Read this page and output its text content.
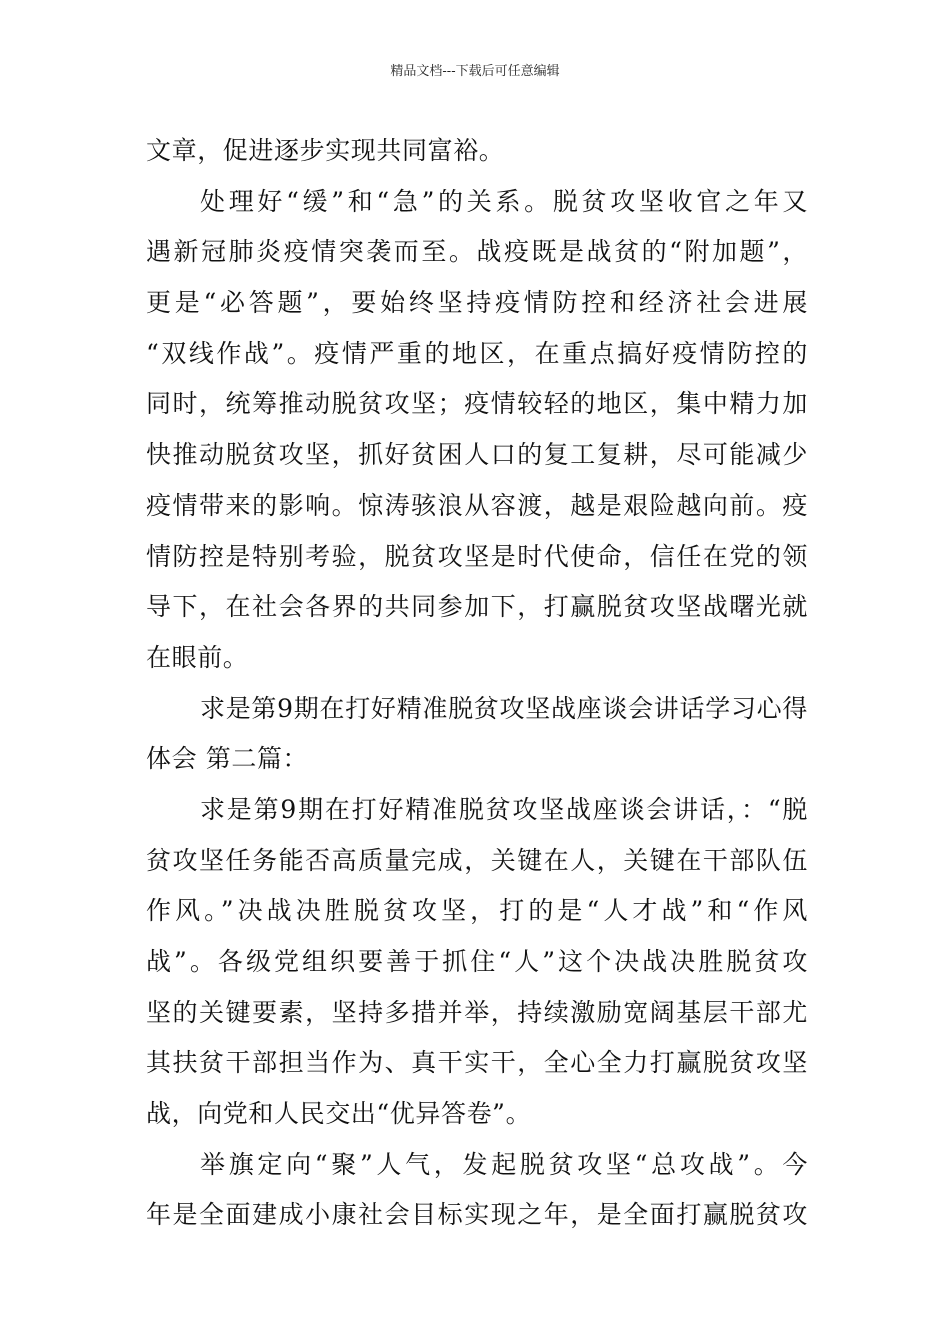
精品文档---下载后可任意编辑
文章，促进逐步实现共同富裕。
处理好“缓”和“急”的关系。脱贫攻坚收官之年又
遇新冠肺炎疫情突袭而至。战疫既是战贫的“附加题”，
更是“必答题”，要始终坚持疫情防控和经济社会进展
“双线作战”。疫情严重的地区，在重点搞好疫情防控的
同时，统筹推动脱贫攻坚；疫情较轻的地区，集中精力加
快推动脱贫攻坚，抓好贫困人口的复工复耕，尽可能减少
疫情带来的影响。惊涛骇浪从容渡，越是艰险越向前。疫
情防控是特别考验，脱贫攻坚是时代使命，信任在党的领
导下，在社会各界的共同参加下，打赢脱贫攻坚战曙光就
在眼前。
求是第9期在打好精准脱贫攻坚战座谈会讲话学习心得
体会 第二篇：
求是第9期在打好精准脱贫攻坚战座谈会讲话，：“脱
贫攻坚任务能否高质量完成，关键在人，关键在干部队伍
作风。”决战决胜脱贫攻坚，打的是“人才战”和“作风
战”。各级党组织要善于抓住“人”这个决战决胜脱贫攻
坚的关键要素，坚持多措并举，持续激励宽阔基层干部尤
其扶贫干部担当作为、真干实干，全心全力打赢脱贫攻坚
战，向党和人民交出“优异答卷”。
举旗定向“聚”人气，发起脱贫攻坚“总攻战”。今
年是全面建成小康社会目标实现之年，是全面打赢脱贫攻
